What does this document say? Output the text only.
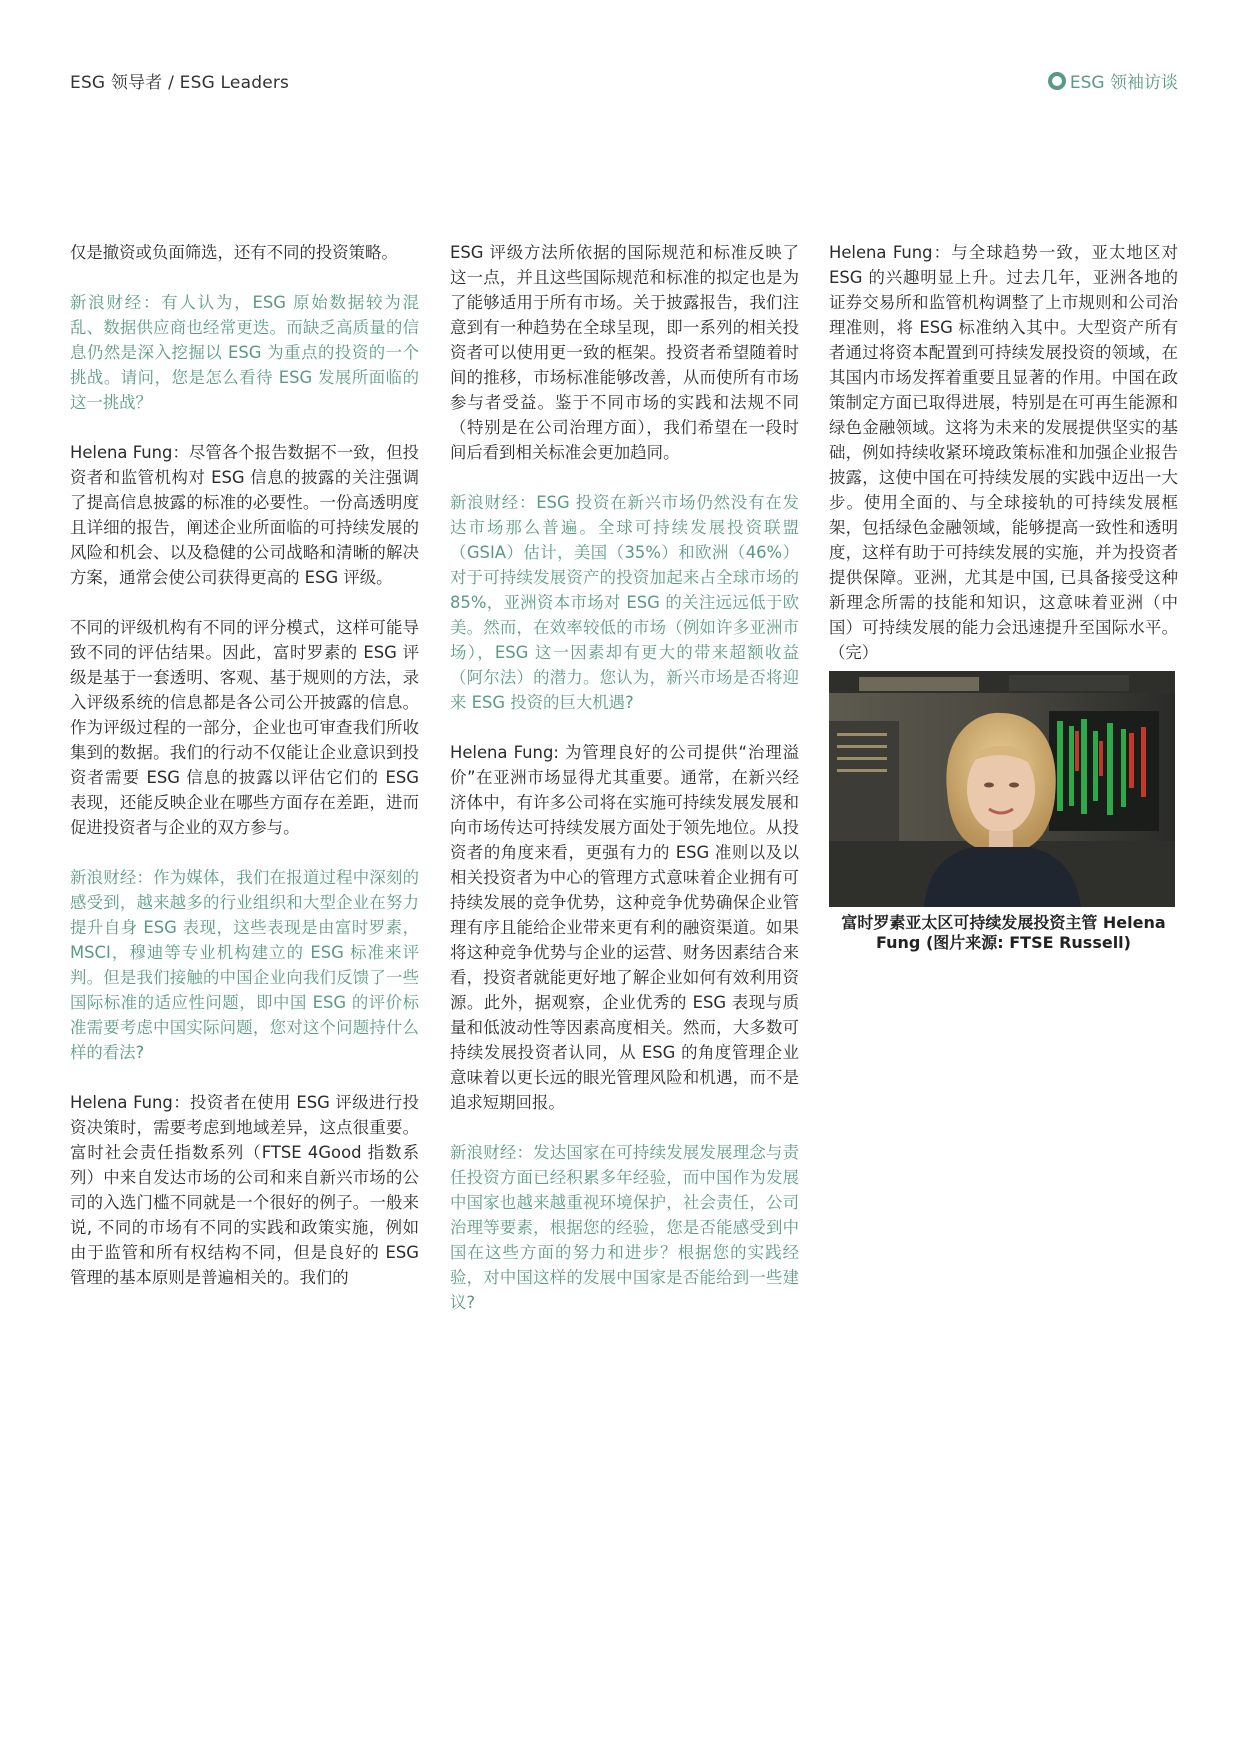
ESG 领导者 / ESG Leaders	ESG 领袖访谈

仅是撤资或负面筛选，还有不同的投资策略。

新浪财经：有人认为，ESG 原始数据较为混乱、数据供应商也经常更迭。而缺乏高质量的信息仍然是深入挖掘以 ESG 为重点的投资的一个挑战。请问，您是怎么看待 ESG 发展所面临的这一挑战？

Helena Fung：尽管各个报告数据不一致，但投资者和监管机构对 ESG 信息的披露的关注强调了提高信息披露的标准的必要性。一份高透明度且详细的报告，阐述企业所面临的可持续发展的风险和机会、以及稳健的公司战略和清晰的解决方案，通常会使公司获得更高的 ESG 评级。

不同的评级机构有不同的评分模式，这样可能导致不同的评估结果。因此，富时罗素的 ESG 评级是基于一套透明、客观、基于规则的方法，录入评级系统的信息都是各公司公开披露的信息。作为评级过程的一部分，企业也可审查我们所收集到的数据。我们的行动不仅能让企业意识到投资者需要 ESG 信息的披露以评估它们的 ESG 表现，还能反映企业在哪些方面存在差距，进而促进投资者与企业的双方参与。

新浪财经：作为媒体，我们在报道过程中深刻的感受到，越来越多的行业组织和大型企业在努力提升自身 ESG 表现，这些表现是由富时罗素，MSCI，穆迪等专业机构建立的 ESG 标准来评判。但是我们接触的中国企业向我们反馈了一些国际标准的适应性问题，即中国 ESG 的评价标准需要考虑中国实际问题，您对这个问题持什么样的看法?

Helena Fung：投资者在使用 ESG 评级进行投资决策时，需要考虑到地域差异，这点很重要。富时社会责任指数系列（FTSE 4Good 指数系列）中来自发达市场的公司和来自新兴市场的公司的入选门槛不同就是一个很好的例子。一般来说, 不同的市场有不同的实践和政策实施，例如由于监管和所有权结构不同，但是良好的 ESG 管理的基本原则是普遍相关的。我们的

ESG 评级方法所依据的国际规范和标准反映了这一点，并且这些国际规范和标准的拟定也是为了能够适用于所有市场。关于披露报告，我们注意到有一种趋势在全球呈现，即一系列的相关投资者可以使用更一致的框架。投资者希望随着时间的推移，市场标准能够改善，从而使所有市场参与者受益。鉴于不同市场的实践和法规不同（特别是在公司治理方面），我们希望在一段时间后看到相关标准会更加趋同。

新浪财经：ESG 投资在新兴市场仍然没有在发达市场那么普遍。全球可持续发展投资联盟（GSIA）估计，美国（35%）和欧洲（46%）对于可持续发展资产的投资加起来占全球市场的 85%，亚洲资本市场对 ESG 的关注远远低于欧美。然而，在效率较低的市场（例如许多亚洲市场），ESG 这一因素却有更大的带来超额收益（阿尔法）的潜力。您认为，新兴市场是否将迎来 ESG 投资的巨大机遇?

Helena Fung: 为管理良好的公司提供“治理溢价”在亚洲市场显得尤其重要。通常，在新兴经济体中，有许多公司将在实施可持续发展发展和向市场传达可持续发展方面处于领先地位。从投资者的角度来看，更强有力的 ESG 准则以及以相关投资者为中心的管理方式意味着企业拥有可持续发展的竞争优势，这种竞争优势确保企业管理有序且能给企业带来更有利的融资渠道。如果将这种竞争优势与企业的运营、财务因素结合来看，投资者就能更好地了解企业如何有效利用资源。此外，据观察，企业优秀的 ESG 表现与质量和低波动性等因素高度相关。然而，大多数可持续发展投资者认同，从 ESG 的角度管理企业意味着以更长远的眼光管理风险和机遇，而不是追求短期回报。

新浪财经：发达国家在可持续发展发展理念与责任投资方面已经积累多年经验，而中国作为发展中国家也越来越重视环境保护，社会责任，公司治理等要素，根据您的经验，您是否能感受到中国在这些方面的努力和进步？根据您的实践经验，对中国这样的发展中国家是否能给到一些建议?

Helena Fung：与全球趋势一致，亚太地区对 ESG 的兴趣明显上升。过去几年，亚洲各地的证券交易所和监管机构调整了上市规则和公司治理准则，将 ESG 标准纳入其中。大型资产所有者通过将资本配置到可持续发展投资的领域，在其国内市场发挥着重要且显著的作用。中国在政策制定方面已取得进展，特别是在可再生能源和绿色金融领域。这将为未来的发展提供坚实的基础，例如持续收紧环境政策标准和加强企业报告披露，这使中国在可持续发展的实践中迈出一大步。使用全面的、与全球接轨的可持续发展框架，包括绿色金融领域，能够提高一致性和透明度，这样有助于可持续发展的实施，并为投资者提供保障。亚洲，尤其是中国, 已具备接受这种新理念所需的技能和知识，这意味着亚洲（中国）可持续发展的能力会迅速提升至国际水平。（完）

富时罗素亚太区可持续发展投资主管 Helena Fung (图片来源: FTSE Russell)
